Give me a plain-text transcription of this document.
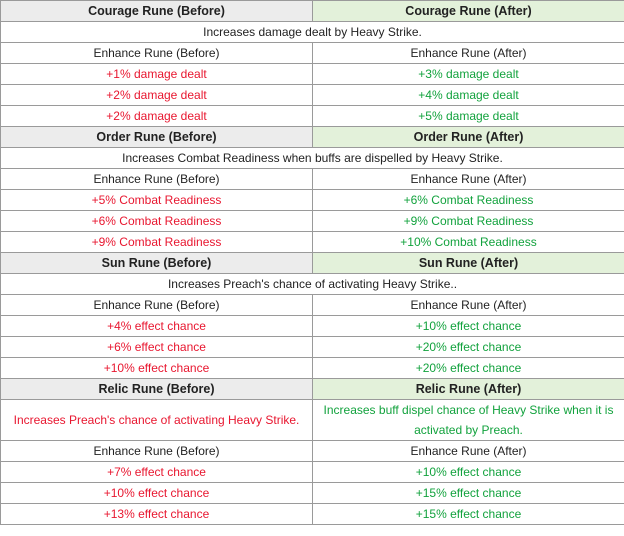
Courage Rune (Before)	Courage Rune (After)
Increases damage dealt by Heavy Strike.	
Enhance Rune (Before)	Enhance Rune (After)
+1% damage dealt	+3% damage dealt
+2% damage dealt	+4% damage dealt
+2% damage dealt	+5% damage dealt
Order Rune (Before)	Order Rune (After)
Increases Combat Readiness when buffs are dispelled by Heavy Strike.	
Enhance Rune (Before)	Enhance Rune (After)
+5% Combat Readiness	+6% Combat Readiness
+6% Combat Readiness	+9% Combat Readiness
+9% Combat Readiness	+10% Combat Readiness
Sun Rune (Before)	Sun Rune (After)
Increases Preach's chance of activating Heavy Strike..	
Enhance Rune (Before)	Enhance Rune (After)
+4% effect chance	+10% effect chance
+6% effect chance	+20% effect chance
+10% effect chance	+20% effect chance
Relic Rune (Before)	Relic Rune (After)
Increases Preach's chance of activating Heavy Strike.	Increases buff dispel chance of Heavy Strike when it is activated by Preach.
Enhance Rune (Before)	Enhance Rune (After)
+7% effect chance	+10% effect chance
+10% effect chance	+15% effect chance
+13% effect chance	+15% effect chance
